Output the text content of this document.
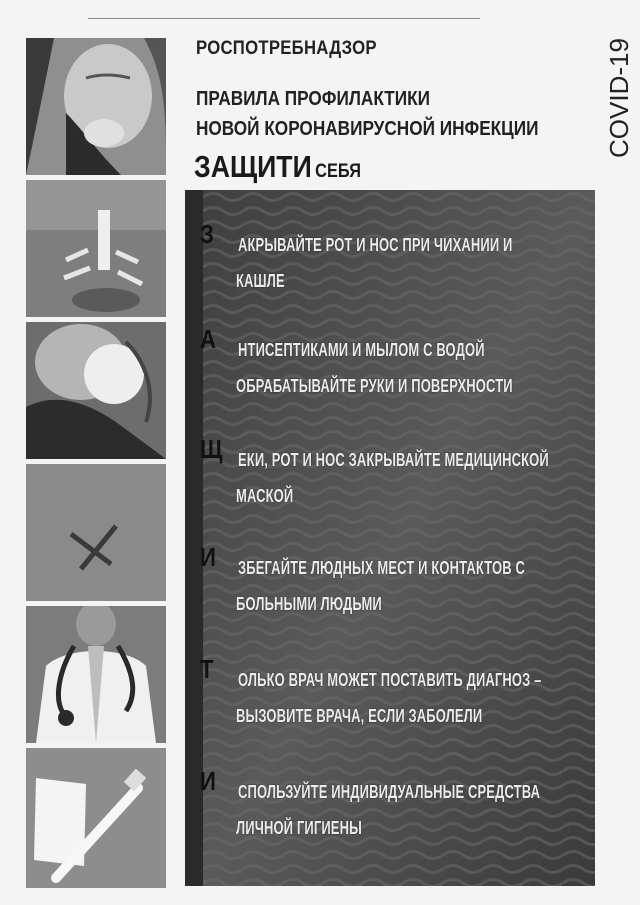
РОСПОТРЕБНАДЗОР
ПРАВИЛА ПРОФИЛАКТИКИ
НОВОЙ КОРОНАВИРУСНОЙ ИНФЕКЦИИ
ЗАЩИТИ СЕБЯ
COVID-19
З АКРЫВАЙТЕ РОТ И НОС ПРИ ЧИХАНИИ И
КАШЛЕ
А НТИСЕПТИКАМИ И МЫЛОМ С ВОДОЙ
ОБРАБАТЫВАЙТЕ РУКИ И ПОВЕРХНОСТИ
Щ ЕКИ, РОТ И НОС ЗАКРЫВАЙТЕ МЕДИЦИНСКОЙ
МАСКОЙ
И ЗБЕГАЙТЕ ЛЮДНЫХ МЕСТ И КОНТАКТОВ С
БОЛЬНЫМИ ЛЮДЬМИ
Т ОЛЬКО ВРАЧ МОЖЕТ ПОСТАВИТЬ ДИАГНОЗ –
ВЫЗОВИТЕ ВРАЧА, ЕСЛИ ЗАБОЛЕЛИ
И СПОЛЬЗУЙТЕ ИНДИВИДУАЛЬНЫЕ СРЕДСТВА
ЛИЧНОЙ ГИГИЕНЫ
